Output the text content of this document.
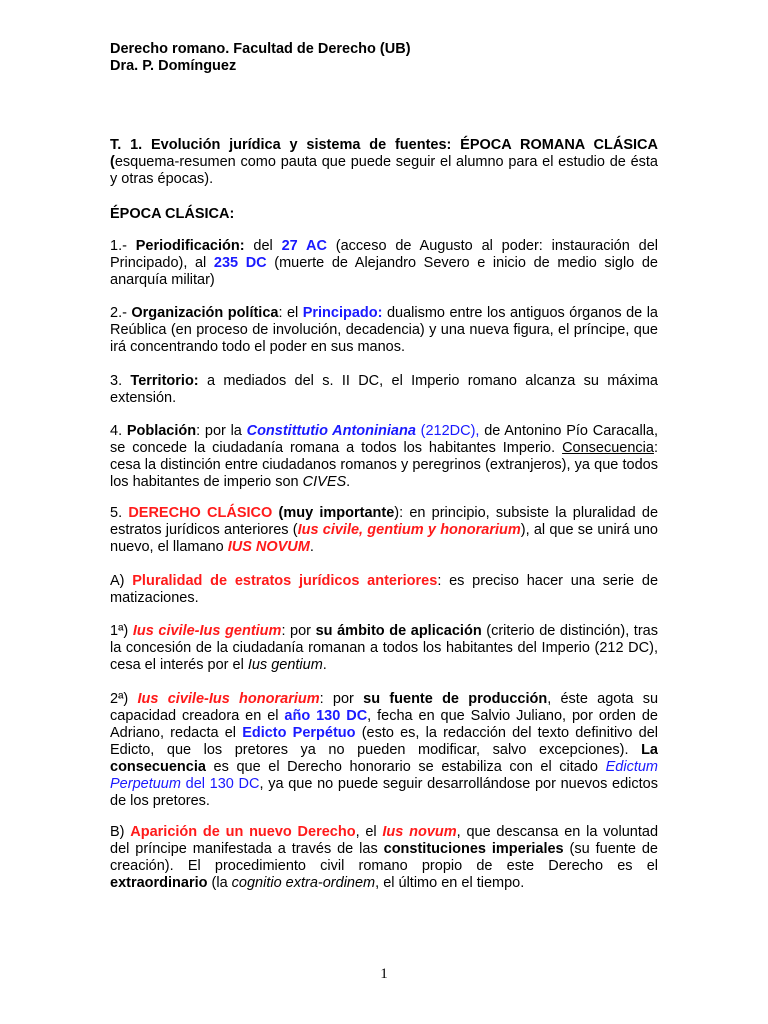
Derecho romano. Facultad de Derecho (UB)
Dra. P. Domínguez
T. 1. Evolución jurídica y sistema de fuentes: ÉPOCA ROMANA CLÁSICA (esquema-resumen como pauta que puede seguir el alumno para el estudio de ésta y otras épocas).
ÉPOCA CLÁSICA:
1.- Periodificación: del 27 AC (acceso de Augusto al poder: instauración del Principado), al 235 DC (muerte de Alejandro Severo e inicio de medio siglo de anarquía militar)
2.- Organización política: el Principado: dualismo entre los antiguos órganos de la Reública (en proceso de involución, decadencia) y una nueva figura, el príncipe, que irá concentrando todo el poder en sus manos.
3. Territorio: a mediados del s. II DC, el Imperio romano alcanza su máxima extensión.
4. Población: por la Constittutio Antoniniana (212DC), de Antonino Pío Caracalla, se concede la ciudadanía romana a todos los habitantes Imperio. Consecuencia: cesa la distinción entre ciudadanos romanos y peregrinos (extranjeros), ya que todos los habitantes de imperio son CIVES.
5. DERECHO CLÁSICO (muy importante): en principio, subsiste la pluralidad de estratos jurídicos anteriores (Ius civile, gentium y honorarium), al que se unirá uno nuevo, el llamano IUS NOVUM.
A) Pluralidad de estratos jurídicos anteriores: es preciso hacer una serie de matizaciones.
1ª) Ius civile-Ius gentium: por su ámbito de aplicación (criterio de distinción), tras la concesión de la ciudadanía romanan a todos los habitantes del Imperio (212 DC), cesa el interés por el Ius gentium.
2ª) Ius civile-Ius honorarium: por su fuente de producción, éste agota su capacidad creadora en el año 130 DC, fecha en que Salvio Juliano, por orden de Adriano, redacta el Edicto Perpétuo (esto es, la redacción del texto definitivo del Edicto, que los pretores ya no pueden modificar, salvo excepciones). La consecuencia es que el Derecho honorario se estabiliza con el citado Edictum Perpetuum del 130 DC, ya que no puede seguir desarrollándose por nuevos edictos de los pretores.
B) Aparición de un nuevo Derecho, el Ius novum, que descansa en la voluntad del príncipe manifestada a través de las constituciones imperiales (su fuente de creación). El procedimiento civil romano propio de este Derecho es el extraordinario (la cognitio extra-ordinem, el último en el tiempo.
1
